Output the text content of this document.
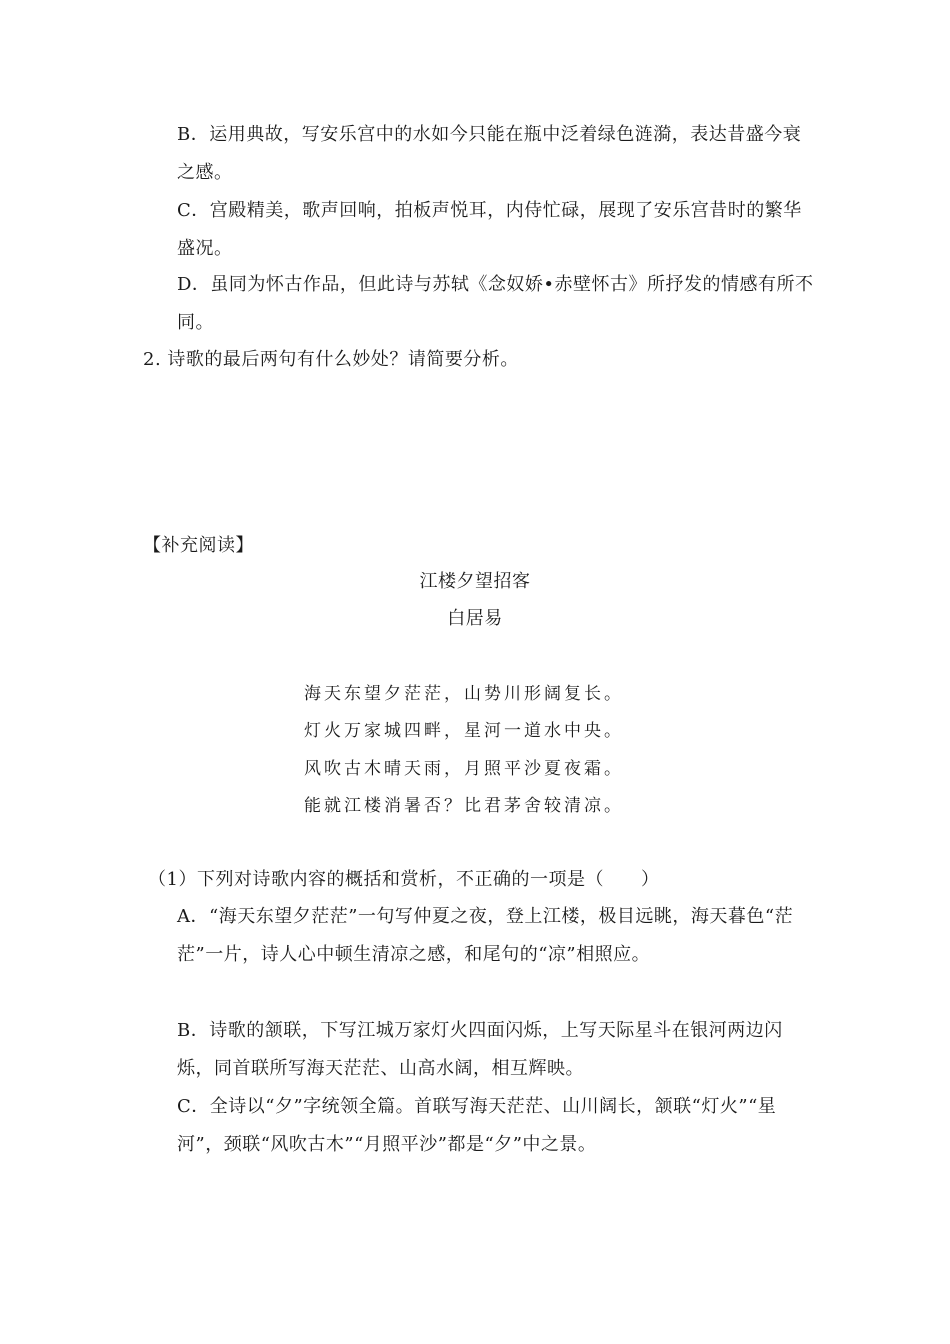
B．运用典故，写安乐宫中的水如今只能在瓶中泛着绿色涟漪，表达昔盛今衰之感。
C．宫殿精美，歌声回响，拍板声悦耳，内侍忙碌，展现了安乐宫昔时的繁华盛况。
D．虽同为怀古作品，但此诗与苏轼《念奴娇•赤壁怀古》所抒发的情感有所不同。
2. 诗歌的最后两句有什么妙处？请简要分析。
【补充阅读】
江楼夕望招客
白居易
海天东望夕茫茫，山势川形阔复长。
灯火万家城四畔，星河一道水中央。
风吹古木晴天雨，月照平沙夏夜霜。
能就江楼消暑否？比君茅舍较清凉。
（1）下列对诗歌内容的概括和赏析，不正确的一项是（　　）
A．“海天东望夕茫茫”一句写仲夏之夜，登上江楼，极目远眺，海天暮色“茫茫”一片，诗人心中顿生清凉之感，和尾句的“凉”相照应。
B．诗歌的颔联，下写江城万家灯火四面闪烁，上写天际星斗在银河两边闪烁，同首联所写海天茫茫、山高水阔，相互辉映。
C．全诗以“夕”字统领全篇。首联写海天茫茫、山川阔长，颔联“灯火”“星河”，颈联“风吹古木”“月照平沙”都是“夕”中之景。
